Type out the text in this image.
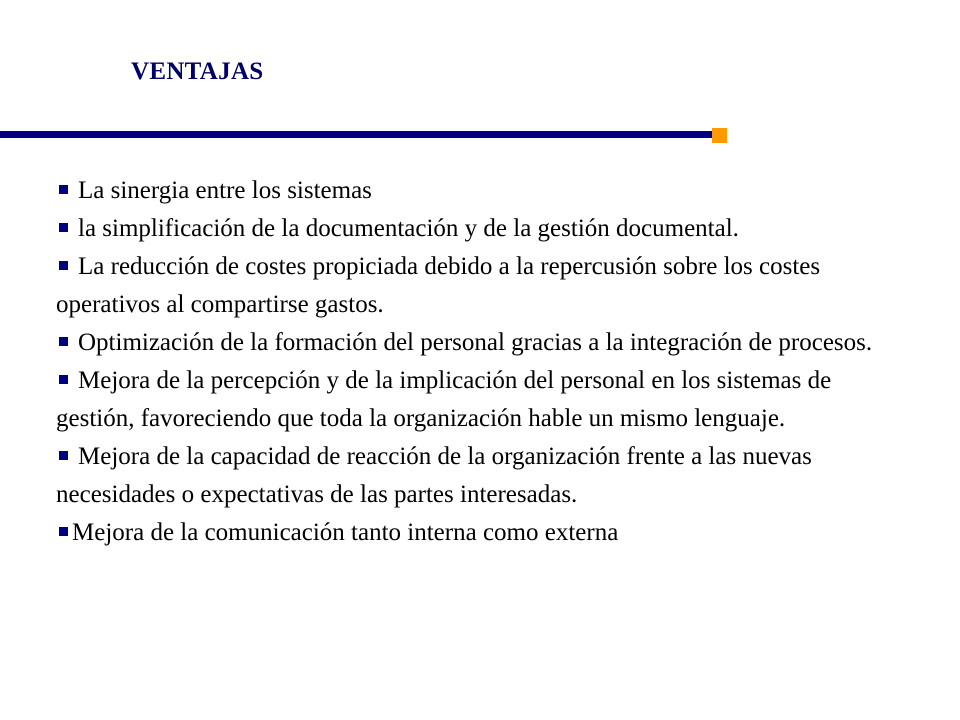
VENTAJAS

La sinergia entre los sistemas

la simplificación de la documentación y de la gestión documental.

La reducción de costes propiciada debido a la repercusión sobre los costes operativos al compartirse gastos.

Optimización de la formación del personal gracias a la integración de procesos.

Mejora de la percepción y de la implicación del personal en los sistemas de gestión, favoreciendo que toda la organización hable un mismo lenguaje.

Mejora de la capacidad de reacción de la organización frente a las nuevas necesidades o expectativas de las partes interesadas.

Mejora de la comunicación tanto interna como externa
